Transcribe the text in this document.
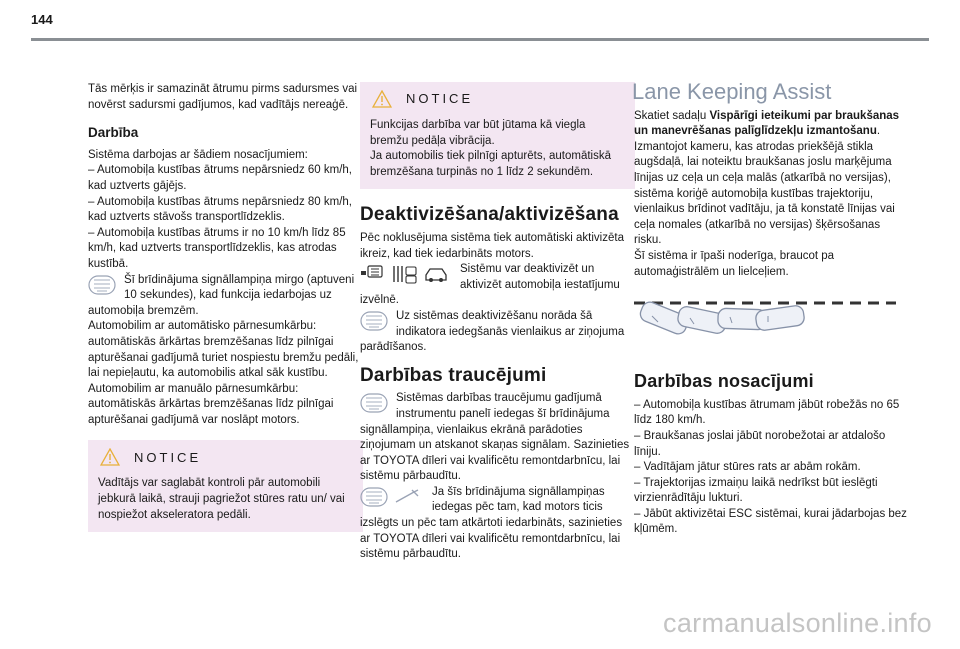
144

Tās mērķis ir samazināt ātrumu pirms sadursmes vai novērst sadursmi gadījumos, kad vadītājs nereaģē.

Darbība

Sistēma darbojas ar šādiem nosacījumiem:

– Automobiļa kustības ātrums nepārsniedz 60 km/h, kad uztverts gājējs.

– Automobiļa kustības ātrums nepārsniedz 80 km/h, kad uztverts stāvošs transportlīdzeklis.

– Automobiļa kustības ātrums ir no 10 km/h līdz 85 km/h, kad uztverts transportlīdzeklis, kas atrodas kustībā.

Šī brīdinājuma signāllampiņa mirgo (aptuveni 10 sekundes), kad funkcija iedarbojas uz automobiļa bremzēm.

Automobilim ar automātisko pārnesumkārbu: automātiskās ārkārtas bremzēšanas līdz pilnīgai apturēšanai gadījumā turiet nospiestu bremžu pedāli, lai nepieļautu, ka automobilis atkal sāk kustību.

Automobilim ar manuālo pārnesumkārbu: automātiskās ārkārtas bremzēšanas līdz pilnīgai apturēšanai gadījumā var noslāpt motors.

NOTICE

Vadītājs var saglabāt kontroli pār automobili jebkurā laikā, strauji pagriežot stūres ratu un/ vai nospiežot akseleratora pedāli.

NOTICE

Funkcijas darbība var būt jūtama kā viegla bremžu pedāļa vibrācija.

Ja automobilis tiek pilnīgi apturēts, automātiskā bremzēšana turpinās no 1 līdz 2 sekundēm.

Deaktivizēšana/aktivizēšana

Pēc noklusējuma sistēma tiek automātiski aktivizēta ikreiz, kad tiek iedarbināts motors.

Sistēmu var deaktivizēt un aktivizēt automobiļa iestatījumu izvēlnē.

Uz sistēmas deaktivizēšanu norāda šā indikatora iedegšanās vienlaikus ar ziņojuma parādīšanos.

Darbības traucējumi

Sistēmas darbības traucējumu gadījumā instrumentu panelī iedegas šī brīdinājuma signāllampiņa, vienlaikus ekrānā parādoties ziņojumam un atskanot skaņas signālam. Sazinieties ar TOYOTA dīleri vai kvalificētu remontdarbnīcu, lai sistēmu pārbaudītu.

Ja šīs brīdinājuma signāllampiņas iedegas pēc tam, kad motors ticis izslēgts un pēc tam atkārtoti iedarbināts, sazinieties ar TOYOTA dīleri vai kvalificētu remontdarbnīcu, lai sistēmu pārbaudītu.

Lane Keeping Assist

Skatiet sadaļu Vispārīgi ieteikumi par braukšanas un manevrēšanas palīglīdzekļu izmantošanu.

Izmantojot kameru, kas atrodas priekšējā stikla augšdaļā, lai noteiktu braukšanas joslu marķējuma līnijas uz ceļa un ceļa malās (atkarībā no versijas), sistēma koriģē automobiļa kustības trajektoriju, vienlaikus brīdinot vadītāju, ja tā konstatē līnijas vai ceļa nomales (atkarībā no versijas) šķērsošanas risku.

Šī sistēma ir īpaši noderīga, braucot pa automaģistrālēm un lielceļiem.

Darbības nosacījumi

– Automobiļa kustības ātrumam jābūt robežās no 65 līdz 180 km/h.

– Braukšanas joslai jābūt norobežotai ar atdalošo līniju.

– Vadītājam jātur stūres rats ar abām rokām.

– Trajektorijas izmaiņu laikā nedrīkst būt ieslēgti virzienrādītāju lukturi.

– Jābūt aktivizētai ESC sistēmai, kurai jādarbojas bez kļūmēm.

carmanualsonline.info
